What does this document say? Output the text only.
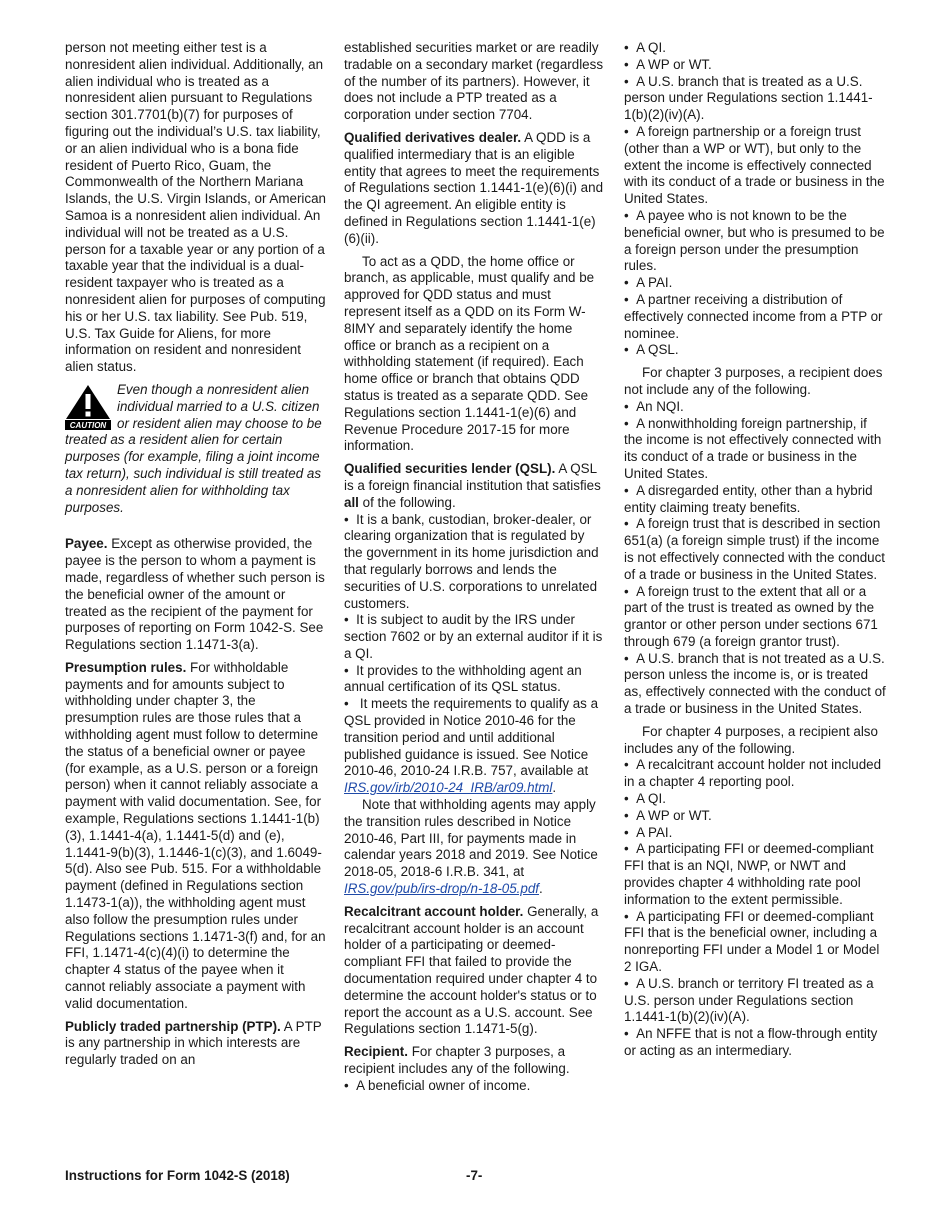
person not meeting either test is a nonresident alien individual. Additionally, an alien individual who is treated as a nonresident alien pursuant to Regulations section 301.7701(b)(7) for purposes of figuring out the individual’s U.S. tax liability, or an alien individual who is a bona fide resident of Puerto Rico, Guam, the Commonwealth of the Northern Mariana Islands, the U.S. Virgin Islands, or American Samoa is a nonresident alien individual. An individual will not be treated as a U.S. person for a taxable year or any portion of a taxable year that the individual is a dual-resident taxpayer who is treated as a nonresident alien for purposes of computing his or her U.S. tax liability. See Pub. 519, U.S. Tax Guide for Aliens, for more information on resident and nonresident alien status.

CAUTION
Even though a nonresident alien individual married to a U.S. citizen or resident alien may choose to be treated as a resident alien for certain purposes (for example, filing a joint income tax return), such individual is still treated as a nonresident alien for withholding tax purposes.

Payee. Except as otherwise provided, the payee is the person to whom a payment is made, regardless of whether such person is the beneficial owner of the amount or treated as the recipient of the payment for purposes of reporting on Form 1042-S. See Regulations section 1.1471-3(a).

Presumption rules. For withholdable payments and for amounts subject to withholding under chapter 3, the presumption rules are those rules that a withholding agent must follow to determine the status of a beneficial owner or payee (for example, as a U.S. person or a foreign person) when it cannot reliably associate a payment with valid documentation. See, for example, Regulations sections 1.1441-1(b)(3), 1.1441-4(a), 1.1441-5(d) and (e), 1.1441-9(b)(3), 1.1446-1(c)(3), and 1.6049-5(d). Also see Pub. 515. For a withholdable payment (defined in Regulations section 1.1473-1(a)), the withholding agent must also follow the presumption rules under Regulations sections 1.1471-3(f) and, for an FFI, 1.1471-4(c)(4)(i) to determine the chapter 4 status of the payee when it cannot reliably associate a payment with valid documentation.

Publicly traded partnership (PTP). A PTP is any partnership in which interests are regularly traded on an

established securities market or are readily tradable on a secondary market (regardless of the number of its partners). However, it does not include a PTP treated as a corporation under section 7704.

Qualified derivatives dealer. A QDD is a qualified intermediary that is an eligible entity that agrees to meet the requirements of Regulations section 1.1441-1(e)(6)(i) and the QI agreement. An eligible entity is defined in Regulations section 1.1441-1(e)(6)(ii).

To act as a QDD, the home office or branch, as applicable, must qualify and be approved for QDD status and must represent itself as a QDD on its Form W-8IMY and separately identify the home office or branch as a recipient on a withholding statement (if required). Each home office or branch that obtains QDD status is treated as a separate QDD. See Regulations section 1.1441-1(e)(6) and Revenue Procedure 2017-15 for more information.

Qualified securities lender (QSL). A QSL is a foreign financial institution that satisfies all of the following.

•  It is a bank, custodian, broker-dealer, or clearing organization that is regulated by the government in its home jurisdiction and that regularly borrows and lends the securities of U.S. corporations to unrelated customers.
•  It is subject to audit by the IRS under section 7602 or by an external auditor if it is a QI.
•  It provides to the withholding agent an annual certification of its QSL status.

•  It meets the requirements to qualify as a QSL provided in Notice 2010-46 for the transition period and until additional published guidance is issued. See Notice 2010-46, 2010-24 I.R.B. 757, available at IRS.gov/irb/2010-24_IRB/ar09.html.

Note that withholding agents may apply the transition rules described in Notice 2010-46, Part III, for payments made in calendar years 2018 and 2019. See Notice 2018-05, 2018-6 I.R.B. 341, at IRS.gov/pub/irs-drop/n-18-05.pdf.

Recalcitrant account holder. Generally, a recalcitrant account holder is an account holder of a participating or deemed-compliant FFI that failed to provide the documentation required under chapter 4 to determine the account holder's status or to report the account as a U.S. account. See Regulations section 1.1471-5(g).

Recipient. For chapter 3 purposes, a recipient includes any of the following.

•  A beneficial owner of income.
•  A QI.
•  A WP or WT.
•  A U.S. branch that is treated as a U.S. person under Regulations section 1.1441-1(b)(2)(iv)(A).
•  A foreign partnership or a foreign trust (other than a WP or WT), but only to the extent the income is effectively connected with its conduct of a trade or business in the United States.
•  A payee who is not known to be the beneficial owner, but who is presumed to be a foreign person under the presumption rules.
•  A PAI.
•  A partner receiving a distribution of effectively connected income from a PTP or nominee.
•  A QSL.

For chapter 3 purposes, a recipient does not include any of the following.

•  An NQI.
•  A nonwithholding foreign partnership, if the income is not effectively connected with its conduct of a trade or business in the United States.
•  A disregarded entity, other than a hybrid entity claiming treaty benefits.
•  A foreign trust that is described in section 651(a) (a foreign simple trust) if the income is not effectively connected with the conduct of a trade or business in the United States.
•  A foreign trust to the extent that all or a part of the trust is treated as owned by the grantor or other person under sections 671 through 679 (a foreign grantor trust).
•  A U.S. branch that is not treated as a U.S. person unless the income is, or is treated as, effectively connected with the conduct of a trade or business in the United States.

For chapter 4 purposes, a recipient also includes any of the following.

•  A recalcitrant account holder not included in a chapter 4 reporting pool.
•  A QI.
•  A WP or WT.
•  A PAI.
•  A participating FFI or deemed-compliant FFI that is an NQI, NWP, or NWT and provides chapter 4 withholding rate pool information to the extent permissible.
•  A participating FFI or deemed-compliant FFI that is the beneficial owner, including a nonreporting FFI under a Model 1 or Model 2 IGA.
•  A U.S. branch or territory FI treated as a U.S. person under Regulations section 1.1441-1(b)(2)(iv)(A).
•  An NFFE that is not a flow-through entity or acting as an intermediary.
Instructions for Form 1042-S (2018)	-7-
